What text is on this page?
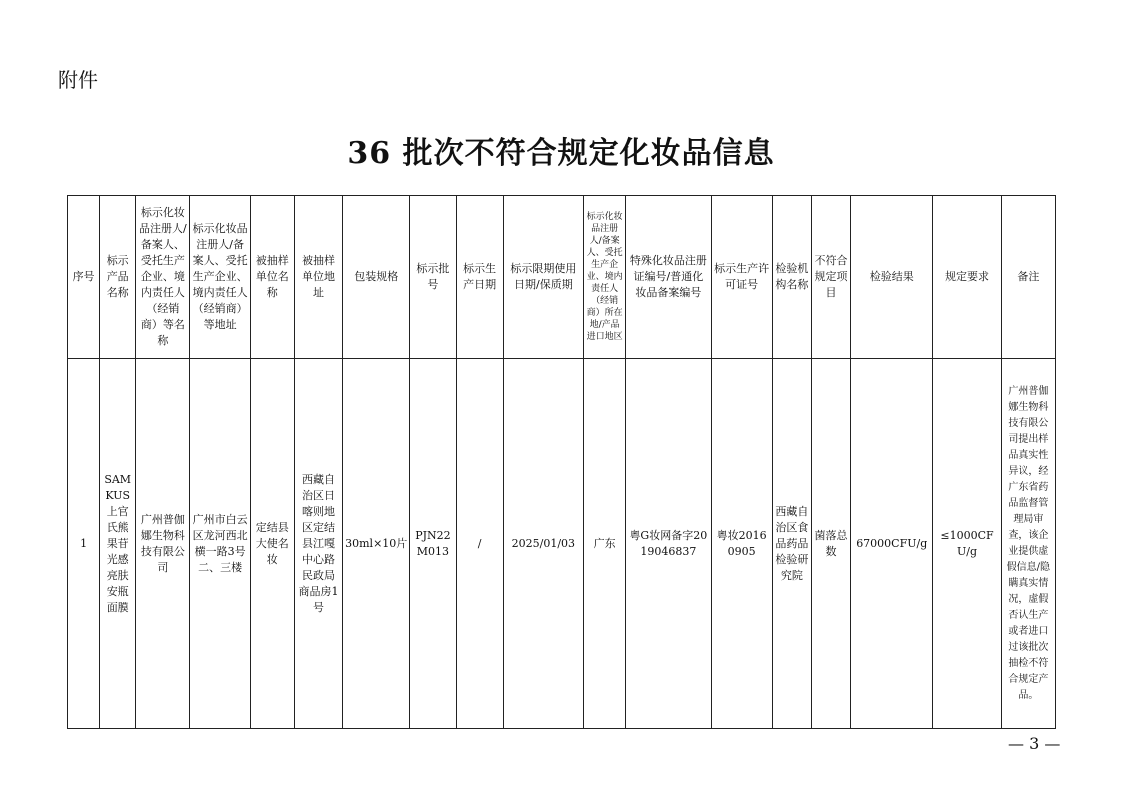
附件
36 批次不符合规定化妆品信息
序号	标示产品名称	标示化妆品注册人/备案人、受托生产企业、境内责任人（经销商）等名称	标示化妆品注册人/备案人、受托生产企业、境内责任人（经销商）等地址	被抽样单位名称	被抽样单位地址	包装规格	标示批号	标示生产日期	标示限期使用日期/保质期	标示化妆品注册人/备案人、受托生产企业、境内责任人（经销商）所在地/产品进口地区	特殊化妆品注册证编号/普通化妆品备案编号	标示生产许可证号	检验机构名称	不符合规定项目	检验结果	规定要求	备注
1	SAMKUS上官氏熊果苷光感亮肤安瓶面膜	广州普伽娜生物科技有限公司	广州市白云区龙河西北横一路3号二、三楼	定结县大使名妆	西藏自治区日喀则地区定结县江嘎中心路民政局商品房1号	30ml×10片	PJN22M013	/	2025/01/03	广东	粤G妆网备字2019046837	粤妆20160905	西藏自治区食品药品检验研究院	菌落总数	67000CFU/g	≤1000CFU/g	广州普伽娜生物科技有限公司提出样品真实性异议，经广东省药品监督管理局审查，该企业提供虚假信息/隐瞒真实情况，虚假否认生产或者进口过该批次抽检不符合规定产品。
— 3 —
